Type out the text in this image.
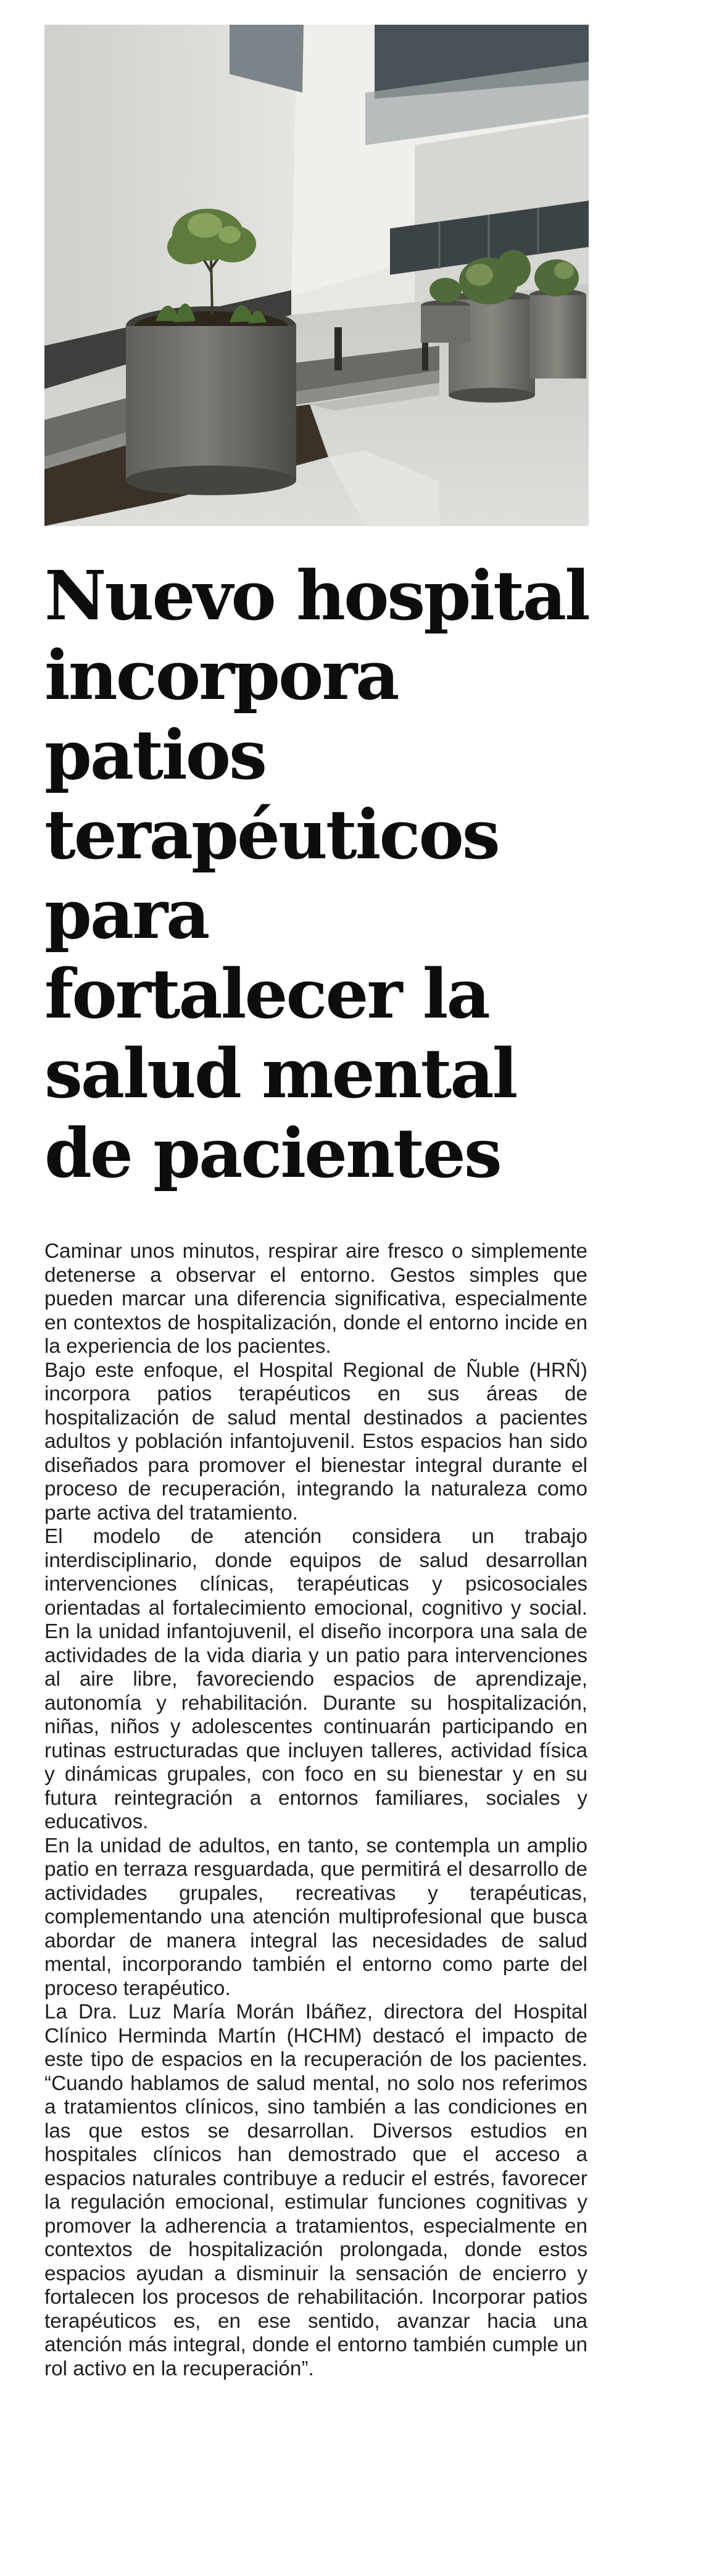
Nuevo hospital
incorpora
patios
terapéuticos
para
fortalecer la
salud mental
de pacientes

Caminar unos minutos, respirar aire fresco o simplemente detenerse a observar el entorno. Gestos simples que pueden marcar una diferencia significativa, especialmente en contextos de hospitalización, donde el entorno incide en la experiencia de los pacientes.

Bajo este enfoque, el Hospital Regional de Ñuble (HRÑ) incorpora patios terapéuticos en sus áreas de hospitalización de salud mental destinados a pacientes adultos y población infantojuvenil. Estos espacios han sido diseñados para promover el bienestar integral durante el proceso de recuperación, integrando la naturaleza como parte activa del tratamiento.

El modelo de atención considera un trabajo interdisciplinario, donde equipos de salud desarrollan intervenciones clínicas, terapéuticas y psicosociales orientadas al fortalecimiento emocional, cognitivo y social. En la unidad infantojuvenil, el diseño incorpora una sala de actividades de la vida diaria y un patio para intervenciones al aire libre, favoreciendo espacios de aprendizaje, autonomía y rehabilitación. Durante su hospitalización, niñas, niños y adolescentes continuarán participando en rutinas estructuradas que incluyen talleres, actividad física y dinámicas grupales, con foco en su bienestar y en su futura reintegración a entornos familiares, sociales y educativos.

En la unidad de adultos, en tanto, se contempla un amplio patio en terraza resguardada, que permitirá el desarrollo de actividades grupales, recreativas y terapéuticas, complementando una atención multiprofesional que busca abordar de manera integral las necesidades de salud mental, incorporando también el entorno como parte del proceso terapéutico.

La Dra. Luz María Morán Ibáñez, directora del Hospital Clínico Herminda Martín (HCHM) destacó el impacto de este tipo de espacios en la recuperación de los pacientes. “Cuando hablamos de salud mental, no solo nos referimos a tratamientos clínicos, sino también a las condiciones en las que estos se desarrollan. Diversos estudios en hospitales clínicos han demostrado que el acceso a espacios naturales contribuye a reducir el estrés, favorecer la regulación emocional, estimular funciones cognitivas y promover la adherencia a tratamientos, especialmente en contextos de hospitalización prolongada, donde estos espacios ayudan a disminuir la sensación de encierro y fortalecen los procesos de rehabilitación. Incorporar patios terapéuticos es, en ese sentido, avanzar hacia una atención más integral, donde el entorno también cumple un rol activo en la recuperación”.
